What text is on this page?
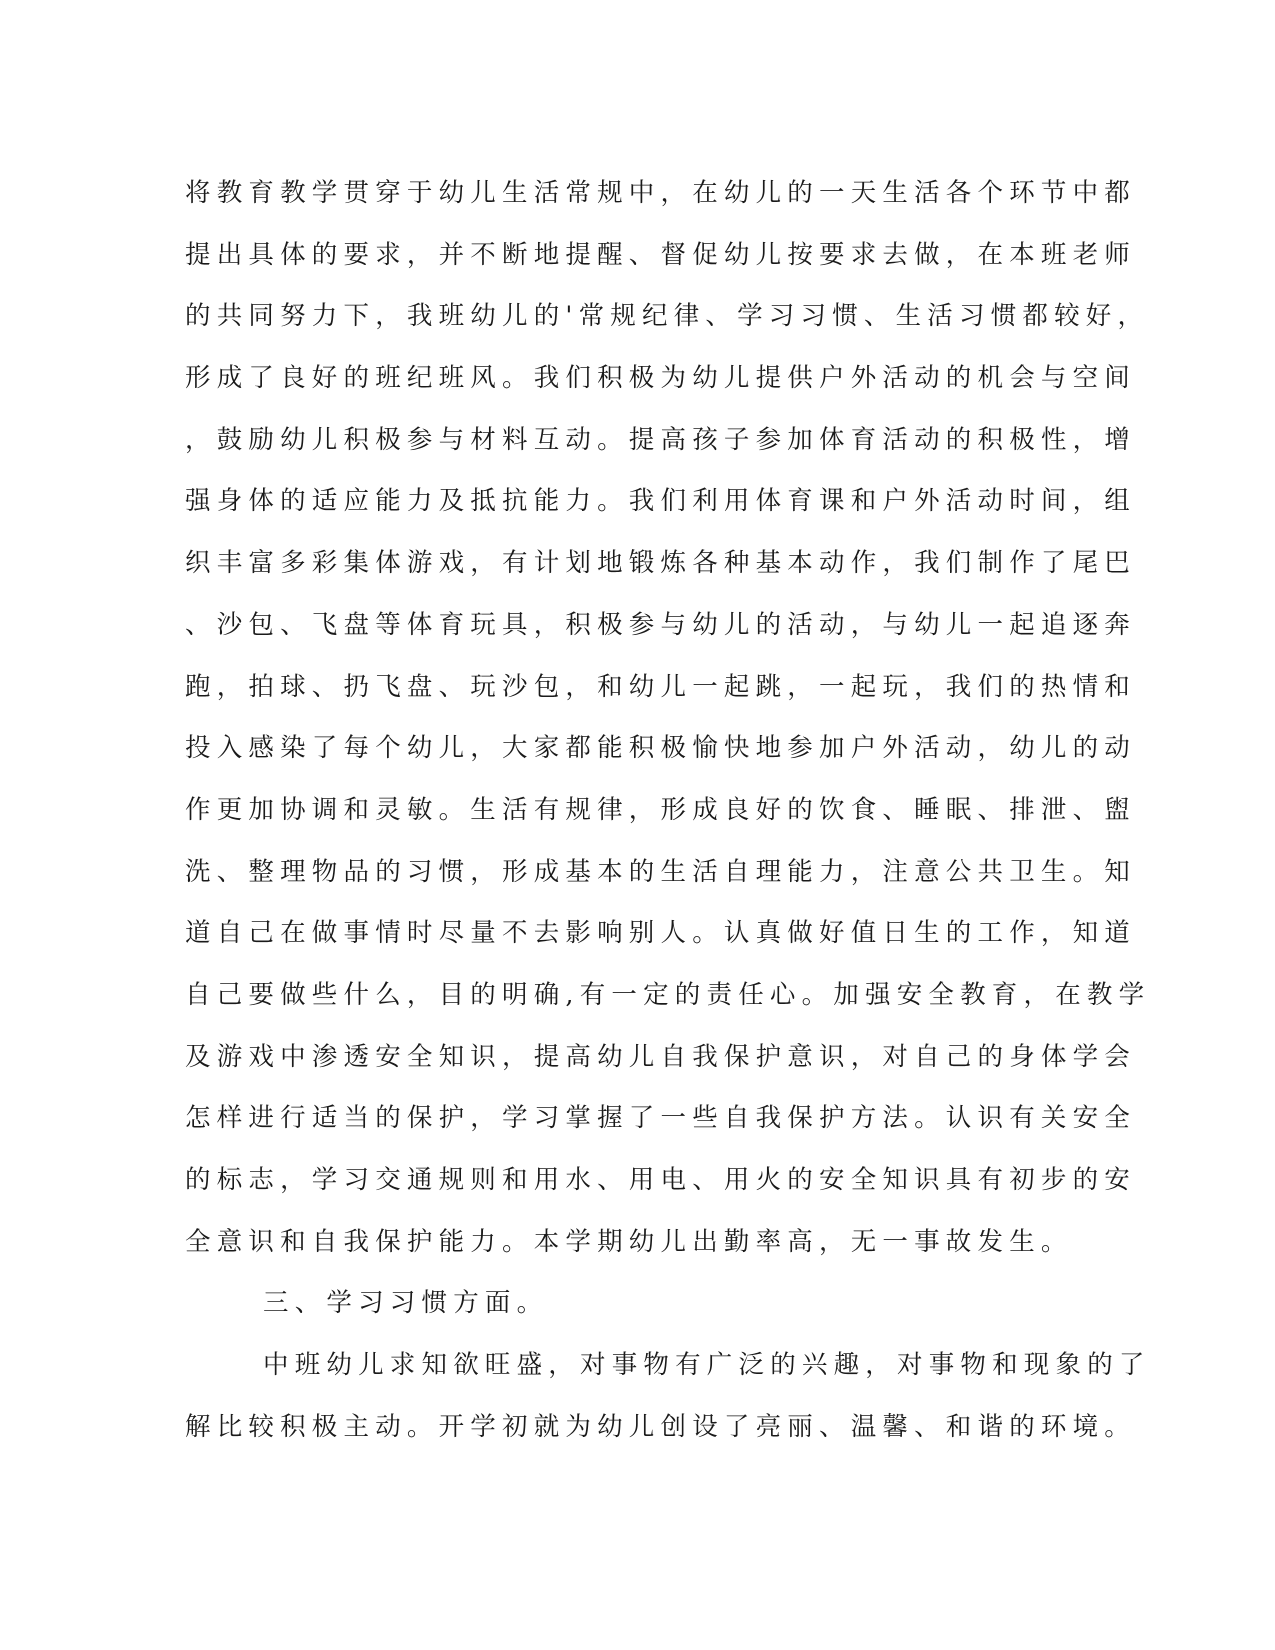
将教育教学贯穿于幼儿生活常规中，在幼儿的一天生活各个环节中都
提出具体的要求，并不断地提醒、督促幼儿按要求去做，在本班老师
的共同努力下，我班幼儿的'常规纪律、学习习惯、生活习惯都较好，
形成了良好的班纪班风。我们积极为幼儿提供户外活动的机会与空间
，鼓励幼儿积极参与材料互动。提高孩子参加体育活动的积极性，增
强身体的适应能力及抵抗能力。我们利用体育课和户外活动时间，组
织丰富多彩集体游戏，有计划地锻炼各种基本动作，我们制作了尾巴
、沙包、飞盘等体育玩具，积极参与幼儿的活动，与幼儿一起追逐奔
跑，拍球、扔飞盘、玩沙包，和幼儿一起跳，一起玩，我们的热情和
投入感染了每个幼儿，大家都能积极愉快地参加户外活动，幼儿的动
作更加协调和灵敏。生活有规律，形成良好的饮食、睡眠、排泄、盥
洗、整理物品的习惯，形成基本的生活自理能力，注意公共卫生。知
道自己在做事情时尽量不去影响别人。认真做好值日生的工作，知道
自己要做些什么，目的明确,有一定的责任心。加强安全教育，在教学
及游戏中渗透安全知识，提高幼儿自我保护意识，对自己的身体学会
怎样进行适当的保护，学习掌握了一些自我保护方法。认识有关安全
的标志，学习交通规则和用水、用电、用火的安全知识具有初步的安
全意识和自我保护能力。本学期幼儿出勤率高，无一事故发生。
三、学习习惯方面。
中班幼儿求知欲旺盛，对事物有广泛的兴趣，对事物和现象的了
解比较积极主动。开学初就为幼儿创设了亮丽、温馨、和谐的环境。
